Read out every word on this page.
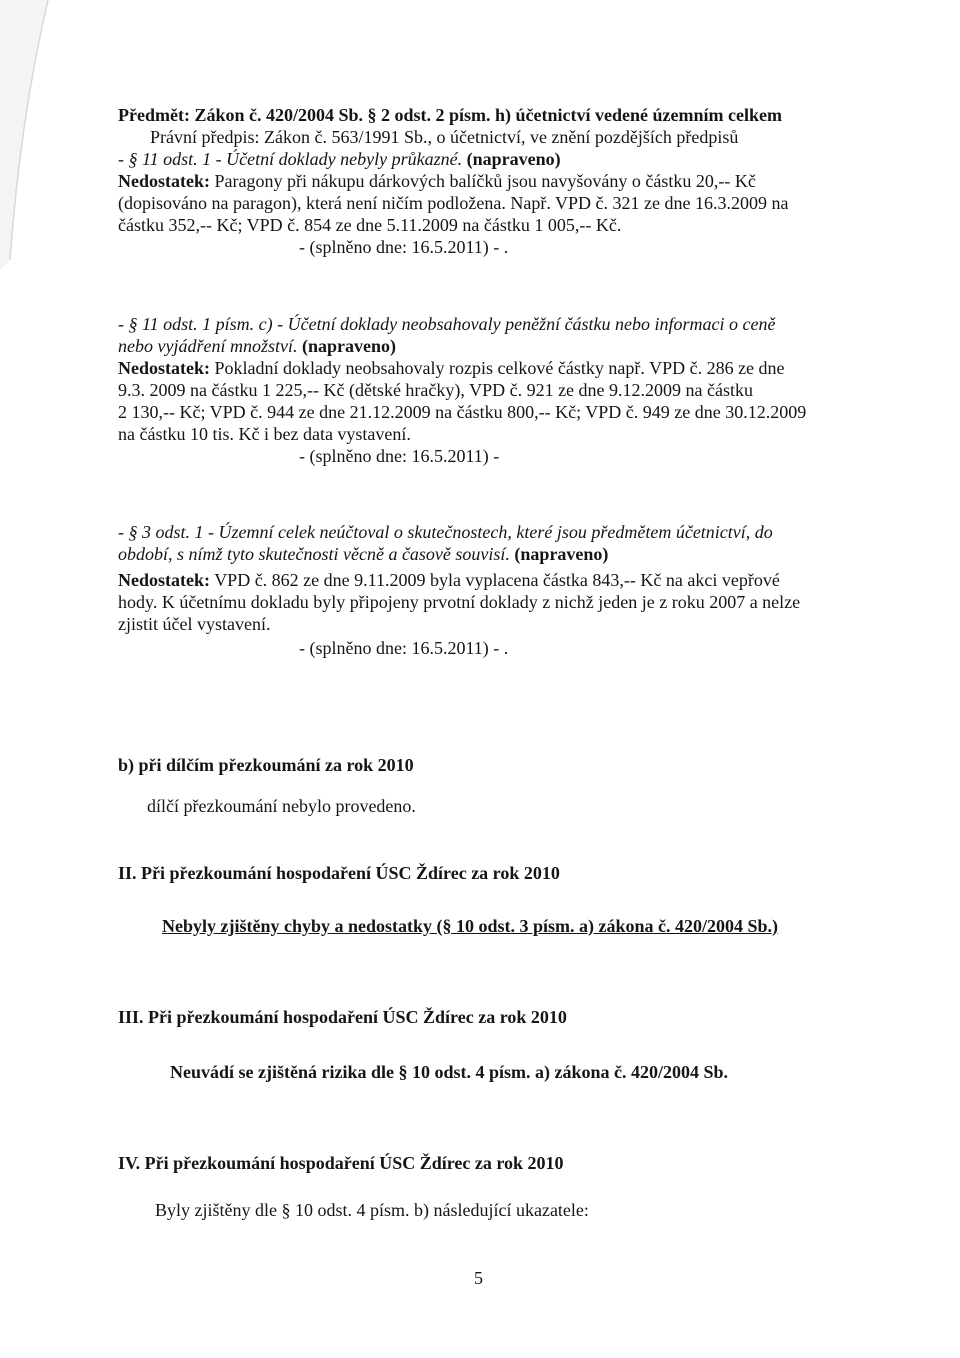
Předmět: Zákon č. 420/2004 Sb. § 2 odst. 2 písm. h) účetnictví vedené územním celkem
Právní předpis: Zákon č. 563/1991 Sb., o účetnictví, ve znění pozdějších předpisů
- § 11 odst. 1 - Účetní doklady nebyly průkazné. (napraveno)
Nedostatek: Paragony při nákupu dárkových balíčků jsou navyšovány o částku 20,-- Kč
(dopisováno na paragon), která není ničím podložena. Např. VPD č. 321 ze dne 16.3.2009 na
částku 352,-- Kč; VPD č. 854 ze dne 5.11.2009 na částku 1 005,-- Kč.
- (splněno dne: 16.5.2011) - .
- § 11 odst. 1 písm. c) - Účetní doklady neobsahovaly peněžní částku nebo informaci o ceně
nebo vyjádření množství. (napraveno)
Nedostatek: Pokladní doklady neobsahovaly rozpis celkové částky např. VPD č. 286 ze dne
9.3. 2009 na částku 1 225,-- Kč (dětské hračky), VPD č. 921 ze dne 9.12.2009 na částku
2 130,-- Kč; VPD č. 944 ze dne 21.12.2009 na částku 800,-- Kč; VPD č. 949 ze dne 30.12.2009
na částku 10 tis. Kč i bez data vystavení.
- (splněno dne: 16.5.2011) -
- § 3 odst. 1 - Územní celek neúčtoval o skutečnostech, které jsou předmětem účetnictví, do
období, s nímž tyto skutečnosti věcně a časově souvisí. (napraveno)
Nedostatek: VPD č. 862 ze dne 9.11.2009 byla vyplacena částka 843,-- Kč na akci vepřové
hody. K účetnímu dokladu byly připojeny prvotní doklady z nichž jeden je z roku 2007 a nelze
zjistit účel vystavení.
- (splněno dne: 16.5.2011) - .
b) při dílčím přezkoumání za rok 2010
dílčí přezkoumání nebylo provedeno.
II. Při přezkoumání hospodaření ÚSC Ždírec za rok 2010
Nebyly zjištěny chyby a nedostatky (§ 10 odst. 3 písm. a) zákona č. 420/2004 Sb.)
III. Při přezkoumání hospodaření ÚSC Ždírec za rok 2010
Neuvádí se zjištěná rizika dle § 10 odst. 4 písm. a) zákona č. 420/2004 Sb.
IV. Při přezkoumání hospodaření ÚSC Ždírec za rok 2010
Byly zjištěny dle § 10 odst. 4 písm. b) následující ukazatele:
5
